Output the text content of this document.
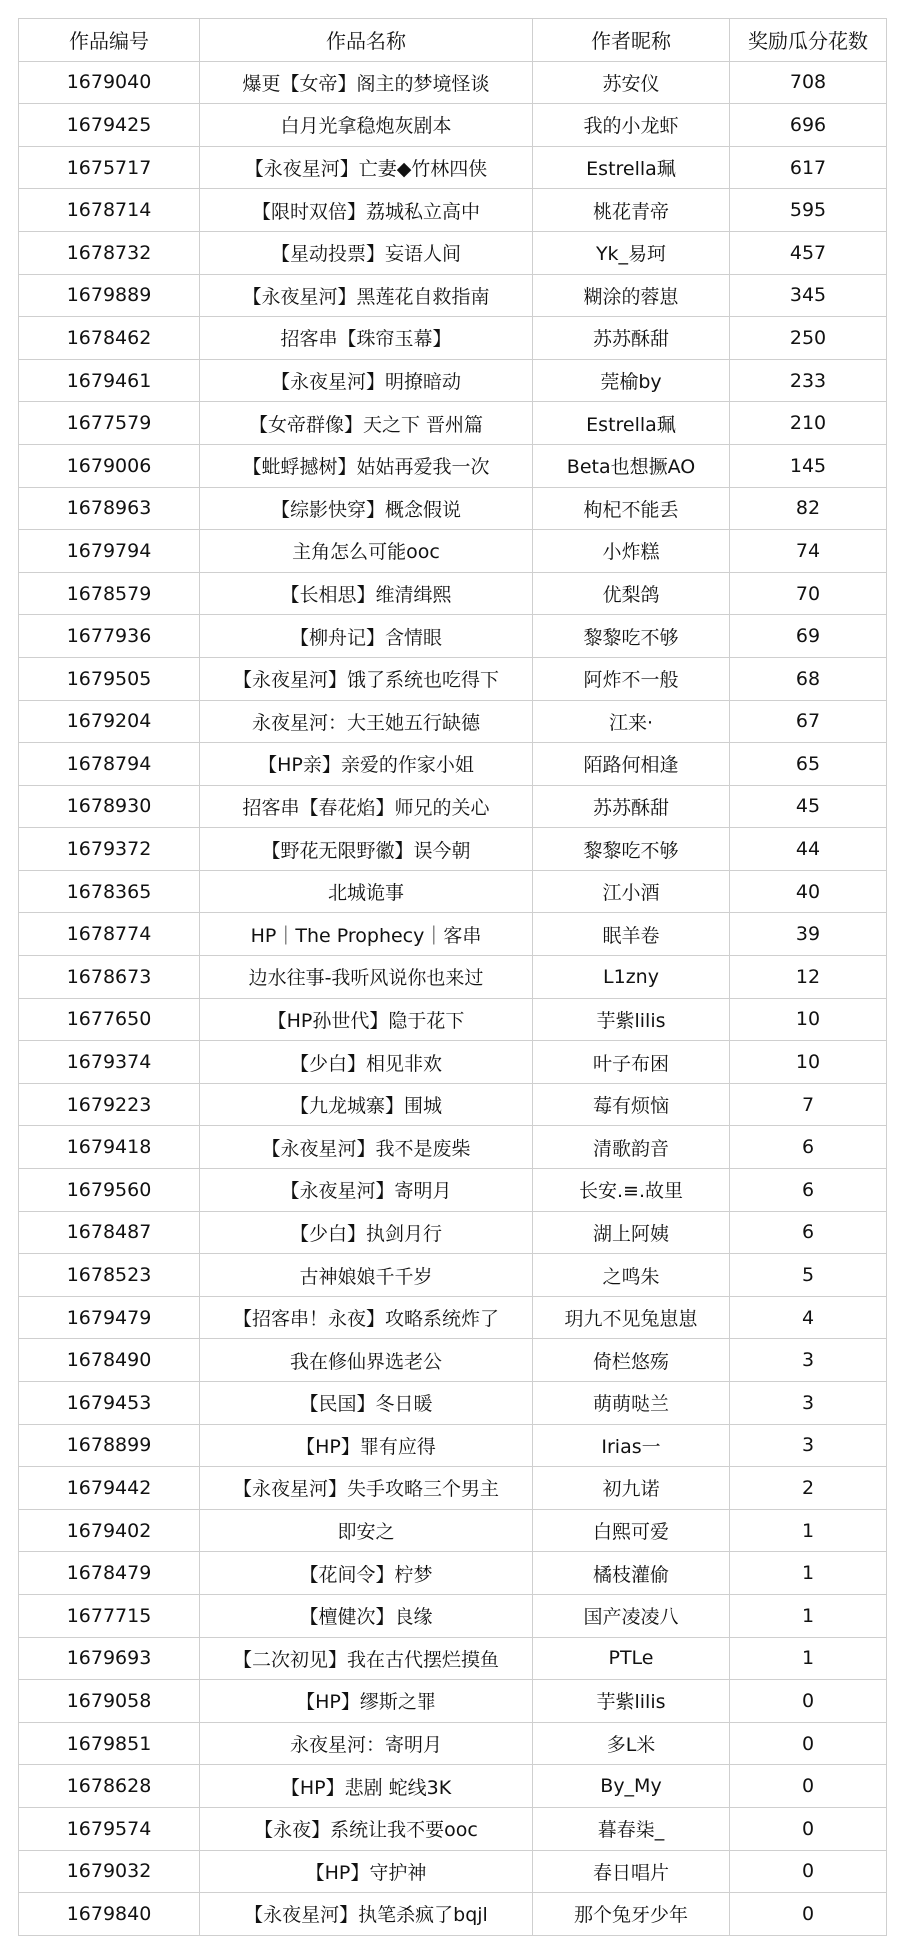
作品编号	作品名称	作者昵称	奖励瓜分花数
1679040	爆更【女帝】阁主的梦境怪谈	苏安仪	708
1679425	白月光拿稳炮灰剧本	我的小龙虾	696
1675717	【永夜星河】亡妻◆竹林四侠	Estrella珮	617
1678714	【限时双倍】荔城私立高中	桃花青帝	595
1678732	【星动投票】妄语人间	Yk_易珂	457
1679889	【永夜星河】黑莲花自救指南	糊涂的蓉崽	345
1678462	招客串【珠帘玉幕】	苏苏酥甜	250
1679461	【永夜星河】明撩暗动	莞榆by	233
1677579	【女帝群像】天之下 晋州篇	Estrella珮	210
1679006	【蚍蜉撼树】姑姑再爱我一次	Beta也想撅AO	145
1678963	【综影快穿】概念假说	枸杞不能丢	82
1679794	主角怎么可能ooc	小炸糕	74
1678579	【长相思】维清缉熙	优梨鸽	70
1677936	【柳舟记】含情眼	黎黎吃不够	69
1679505	【永夜星河】饿了系统也吃得下	阿炸不一般	68
1679204	永夜星河：大王她五行缺德	江来·	67
1678794	【HP亲】亲爱的作家小姐	陌路何相逢	65
1678930	招客串【春花焰】师兄的关心	苏苏酥甜	45
1679372	【野花无限野徽】误今朝	黎黎吃不够	44
1678365	北城诡事	江小酒	40
1678774	HP｜The Prophecy｜客串	眠羊卷	39
1678673	边水往事-我听风说你也来过	L1zny	12
1677650	【HP孙世代】隐于花下	芋紫lilis	10
1679374	【少白】相见非欢	叶子布困	10
1679223	【九龙城寨】围城	莓有烦恼	7
1679418	【永夜星河】我不是废柴	清歌韵音	6
1679560	【永夜星河】寄明月	长安.≡.故里	6
1678487	【少白】执剑月行	湖上阿姨	6
1678523	古神娘娘千千岁	之鸣朱	5
1679479	【招客串！永夜】攻略系统炸了	玥九不见兔崽崽	4
1678490	我在修仙界选老公	倚栏悠殇	3
1679453	【民国】冬日暖	萌萌哒兰	3
1678899	【HP】罪有应得	Irias一	3
1679442	【永夜星河】失手攻略三个男主	初九诺	2
1679402	即安之	白熙可爱	1
1678479	【花间令】柠梦	橘枝灌偷	1
1677715	【檀健次】良缘	国产凌凌八	1
1679693	【二次初见】我在古代摆烂摸鱼	PTLe	1
1679058	【HP】缪斯之罪	芋紫lilis	0
1679851	永夜星河：寄明月	多L米	0
1678628	【HP】悲剧 蛇线3K	By_My	0
1679574	【永夜】系统让我不要ooc	暮春柒_	0
1679032	【HP】守护神	春日唱片	0
1679840	【永夜星河】执笔杀疯了bqjl	那个兔牙少年	0
